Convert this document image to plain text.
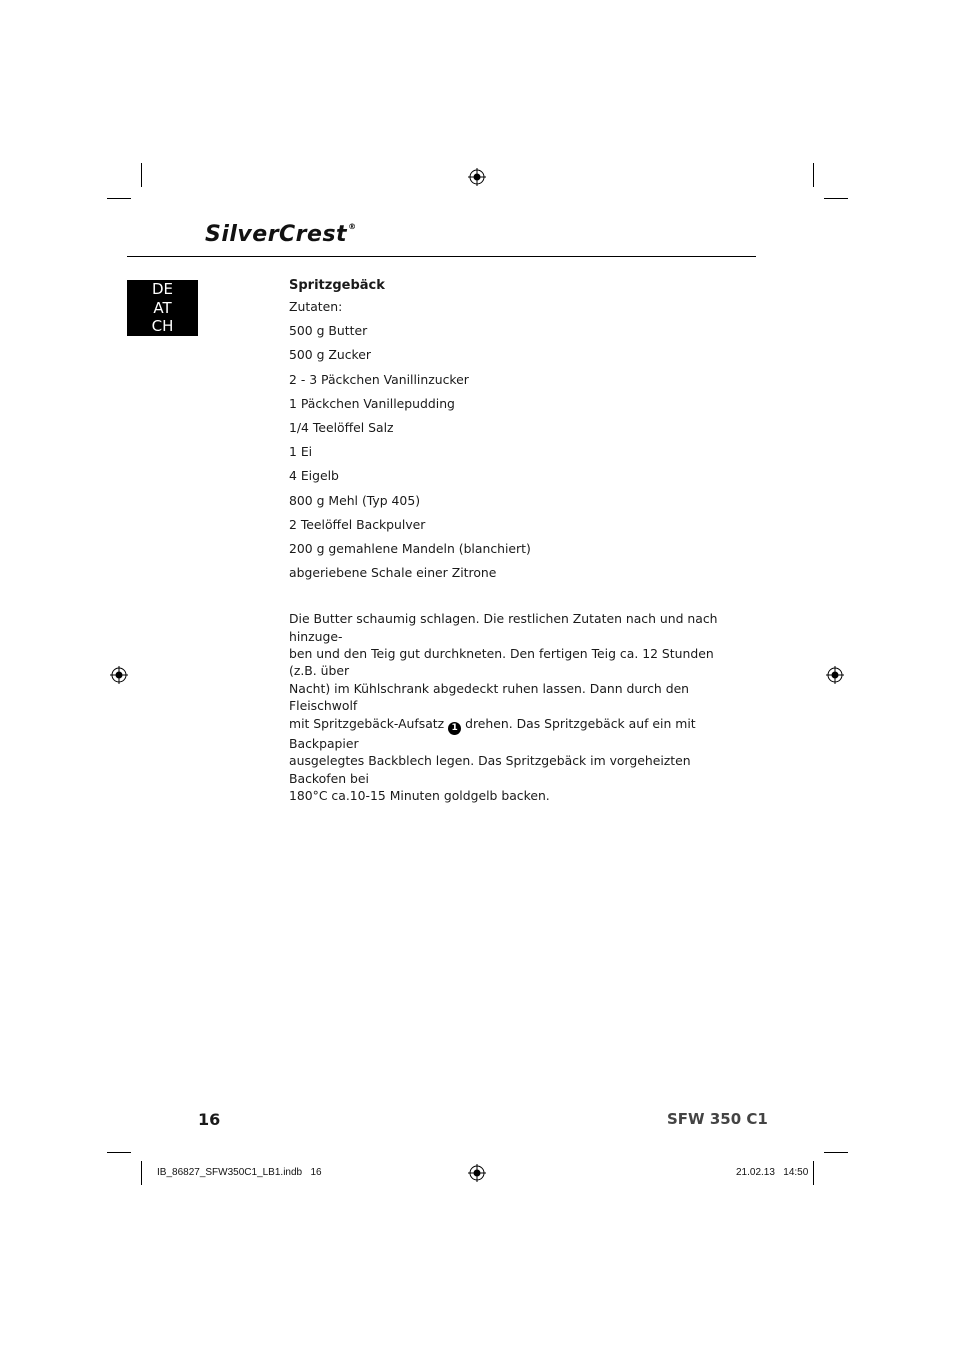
SilverCrest®
DE
AT
CH
Spritzgebäck
Zutaten:
500 g Butter
500 g Zucker
2 - 3 Päckchen Vanillinzucker
1 Päckchen Vanillepudding
1/4 Teelöffel Salz
1 Ei
4 Eigelb
800 g Mehl (Typ 405)
2 Teelöffel Backpulver
200 g gemahlene Mandeln (blanchiert)
abgeriebene Schale einer Zitrone
Die Butter schaumig schlagen. Die restlichen Zutaten nach und nach hinzuge-
ben und den Teig gut durchkneten. Den fertigen Teig ca. 12 Stunden (z.B. über
Nacht) im Kühlschrank abgedeckt ruhen lassen. Dann durch den Fleischwolf
mit Spritzgebäck-Aufsatz 1 drehen. Das Spritzgebäck auf ein mit Backpapier
ausgelegtes Backblech legen. Das Spritzgebäck im vorgeheizten Backofen bei
180°C ca.10-15 Minuten goldgelb backen.
16	SFW 350 C1
IB_86827_SFW350C1_LB1.indb   16	21.02.13   14:50
